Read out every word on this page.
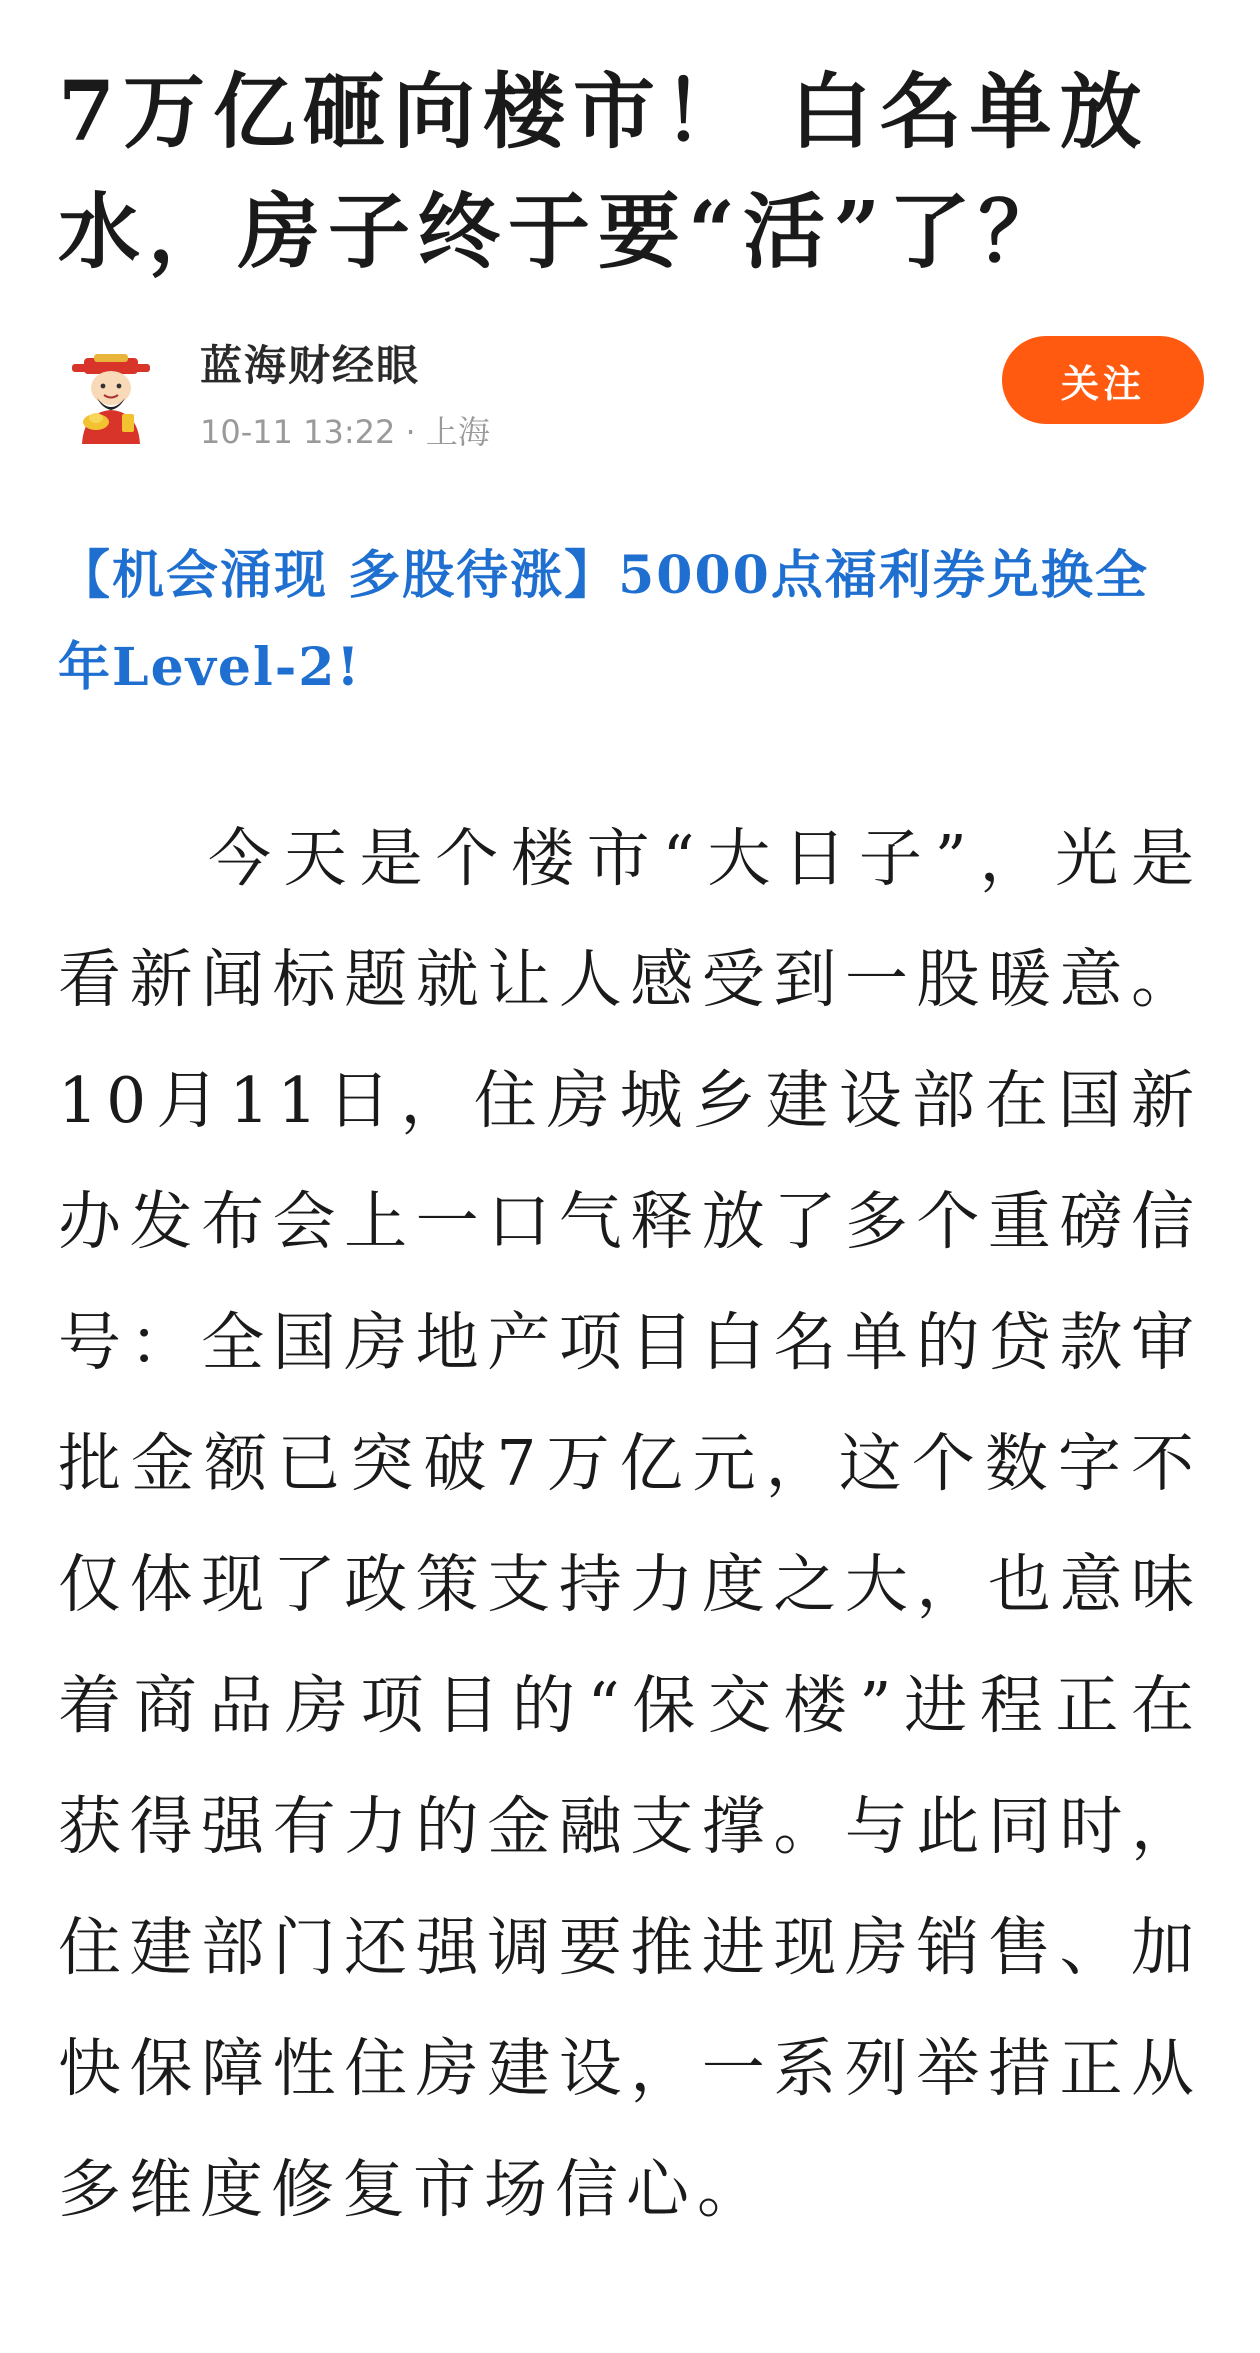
7万亿砸向楼市！ 白名单放水，房子终于要“活”了？
蓝海财经眼
10-11 13:22 · 上海
关注
【机会涌现 多股待涨】5000点福利券兑换全年Level-2!

今天是个楼市“大日子”，光是看新闻标题就让人感受到一股暖意。10月11日，住房城乡建设部在国新办发布会上一口气释放了多个重磅信号：全国房地产项目白名单的贷款审批金额已突破7万亿元，这个数字不仅体现了政策支持力度之大，也意味着商品房项目的“保交楼”进程正在获得强有力的金融支撑。与此同时，住建部门还强调要推进现房销售、加快保障性住房建设，一系列举措正从多维度修复市场信心。
